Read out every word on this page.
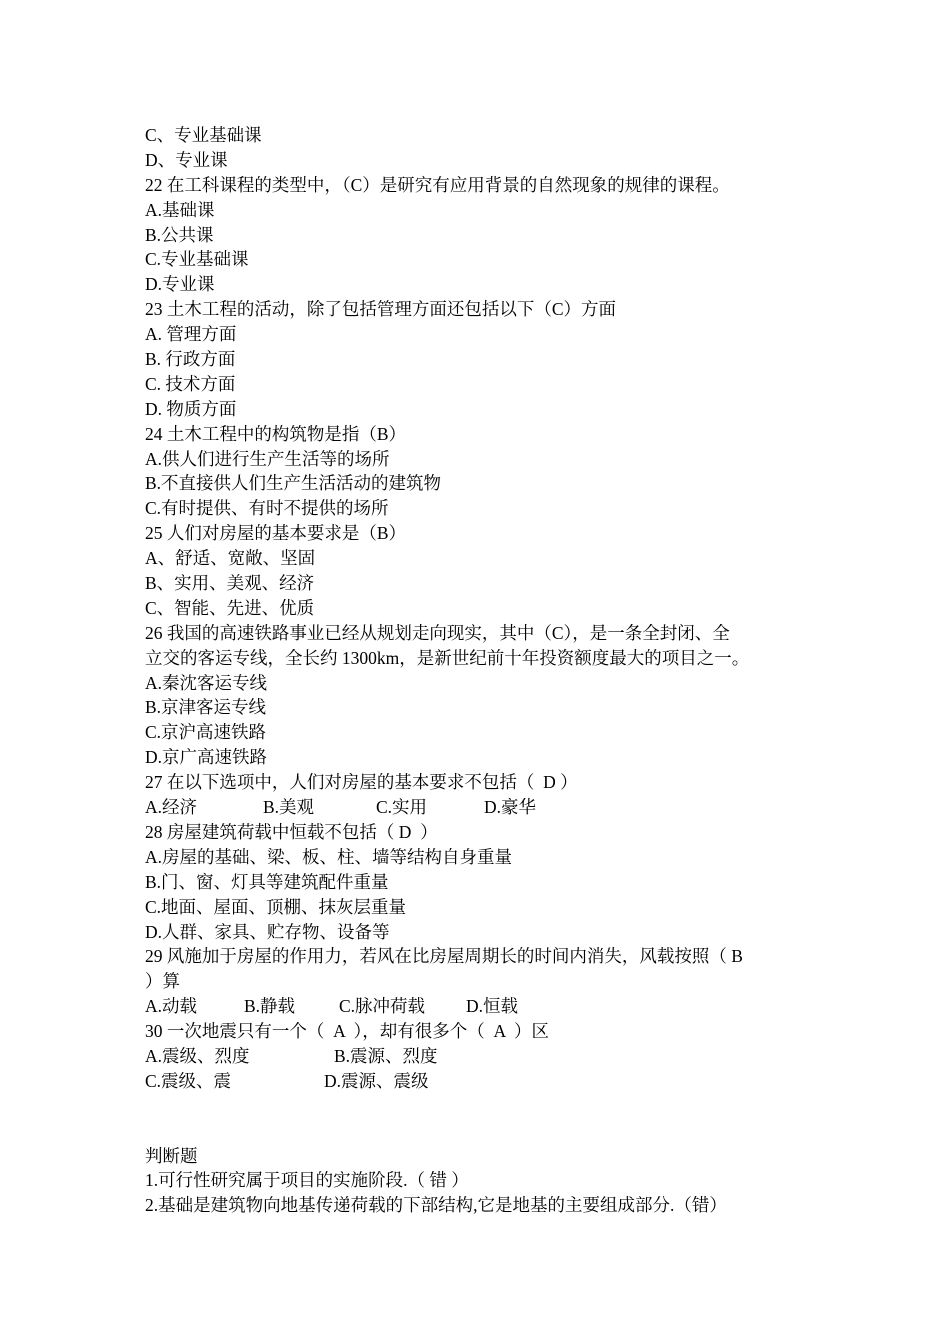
C、专业基础课
D、专业课
22 在工科课程的类型中，（C）是研究有应用背景的自然现象的规律的课程。
A.基础课
B.公共课
C.专业基础课
D.专业课
23 土木工程的活动，除了包括管理方面还包括以下（C）方面
A. 管理方面
B. 行政方面
C. 技术方面
D. 物质方面
24 土木工程中的构筑物是指（B）
A.供人们进行生产生活等的场所
B.不直接供人们生产生活活动的建筑物
C.有时提供、有时不提供的场所
25 人们对房屋的基本要求是（B）
A、舒适、宽敞、坚固
B、实用、美观、经济
C、智能、先进、优质
26 我国的高速铁路事业已经从规划走向现实，其中（C），是一条全封闭、全
立交的客运专线，全长约 1300km，是新世纪前十年投资额度最大的项目之一。
A.秦沈客运专线
B.京津客运专线
C.京沪高速铁路
D.京广高速铁路
27 在以下选项中，人们对房屋的基本要求不包括（  D ）
A.经济	B.美观	C.实用	D.豪华
28 房屋建筑荷载中恒载不包括（ D  ）
A.房屋的基础、梁、板、柱、墙等结构自身重量
B.门、窗、灯具等建筑配件重量
C.地面、屋面、顶棚、抹灰层重量
D.人群、家具、贮存物、设备等
29 风施加于房屋的作用力，若风在比房屋周期长的时间内消失，风载按照（ B
）算
A.动载	B.静载	C.脉冲荷载 D.恒载
30 一次地震只有一个（  A  ），却有很多个（  A  ）区
A.震级、烈度	B.震源、烈度
C.震级、震	D.震源、震级
判断题
1.可行性研究属于项目的实施阶段.（ 错 ）
2.基础是建筑物向地基传递荷载的下部结构,它是地基的主要组成部分.（错）
